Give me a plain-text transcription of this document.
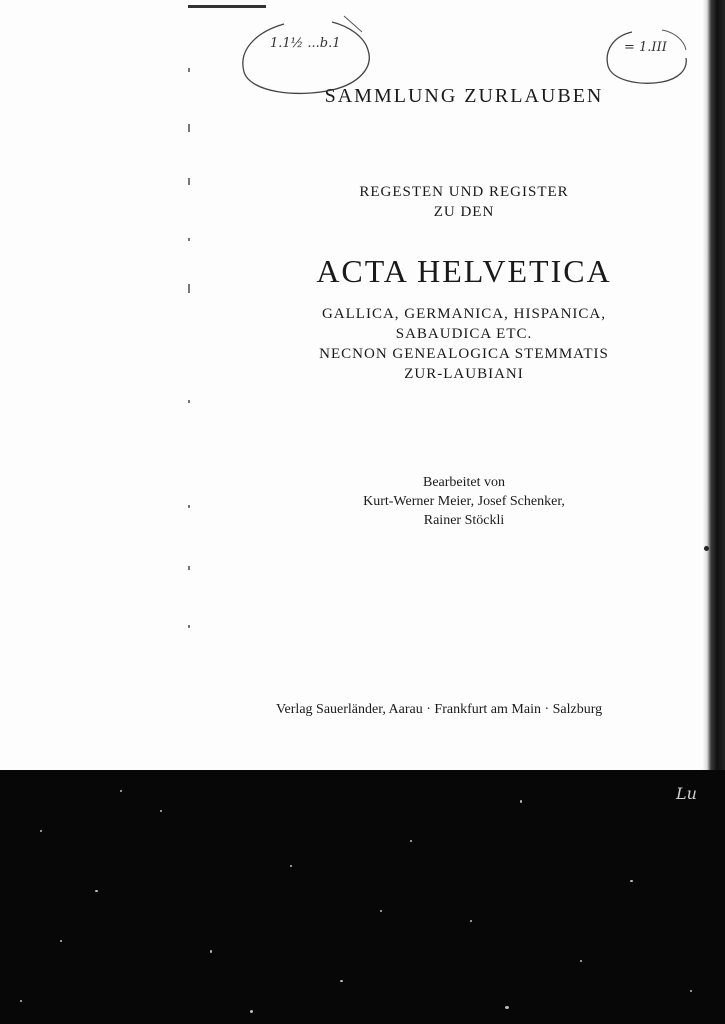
1.1½ ...b.1	= 1.III
SAMMLUNG ZURLAUBEN
REGESTEN UND REGISTER
ZU DEN
ACTA HELVETICA
GALLICA, GERMANICA, HISPANICA,
SABAUDICA ETC.
NECNON GENEALOGICA STEMMATIS
ZUR-LAUBIANI
Bearbeitet von
Kurt-Werner Meier, Josef Schenker,
Rainer Stöckli
Verlag Sauerländer, Aarau · Frankfurt am Main · Salzburg
Lu
